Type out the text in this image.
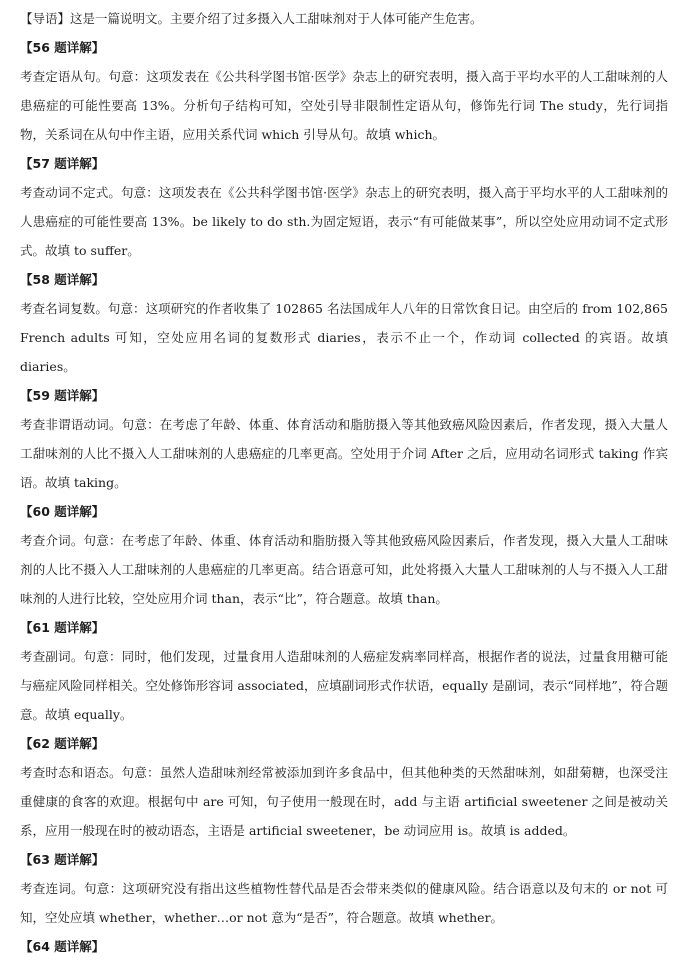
【导语】这是一篇说明文。主要介绍了过多摄入人工甜味剂对于人体可能产生危害。

【56 题详解】

考查定语从句。句意：这项发表在《公共科学图书馆·医学》杂志上的研究表明，摄入高于平均水平的人工甜味剂的人患癌症的可能性要高 13%。分析句子结构可知，空处引导非限制性定语从句，修饰先行词 The study，先行词指物，关系词在从句中作主语，应用关系代词 which 引导从句。故填 which。

【57 题详解】

考查动词不定式。句意：这项发表在《公共科学图书馆·医学》杂志上的研究表明，摄入高于平均水平的人工甜味剂的人患癌症的可能性要高 13%。be likely to do sth.为固定短语，表示“有可能做某事”，所以空处应用动词不定式形式。故填 to suffer。

【58 题详解】

考查名词复数。句意：这项研究的作者收集了 102865 名法国成年人八年的日常饮食日记。由空后的 from 102,865 French adults 可知，空处应用名词的复数形式 diaries，表示不止一个，作动词 collected 的宾语。故填 diaries。

【59 题详解】

考查非谓语动词。句意：在考虑了年龄、体重、体育活动和脂肪摄入等其他致癌风险因素后，作者发现，摄入大量人工甜味剂的人比不摄入人工甜味剂的人患癌症的几率更高。空处用于介词 After 之后，应用动名词形式 taking 作宾语。故填 taking。

【60 题详解】

考查介词。句意：在考虑了年龄、体重、体育活动和脂肪摄入等其他致癌风险因素后，作者发现，摄入大量人工甜味剂的人比不摄入人工甜味剂的人患癌症的几率更高。结合语意可知，此处将摄入大量人工甜味剂的人与不摄入人工甜味剂的人进行比较，空处应用介词 than，表示“比”，符合题意。故填 than。

【61 题详解】

考查副词。句意：同时，他们发现，过量食用人造甜味剂的人癌症发病率同样高，根据作者的说法，过量食用糖可能与癌症风险同样相关。空处修饰形容词 associated，应填副词形式作状语，equally 是副词，表示“同样地”，符合题意。故填 equally。

【62 题详解】

考查时态和语态。句意：虽然人造甜味剂经常被添加到许多食品中，但其他种类的天然甜味剂，如甜菊糖，也深受注重健康的食客的欢迎。根据句中 are 可知，句子使用一般现在时，add 与主语 artificial sweetener 之间是被动关系，应用一般现在时的被动语态，主语是 artificial sweetener，be 动词应用 is。故填 is added。

【63 题详解】

考查连词。句意：这项研究没有指出这些植物性替代品是否会带来类似的健康风险。结合语意以及句末的 or not 可知，空处应填 whether，whether…or not 意为“是否”，符合题意。故填 whether。

【64 题详解】
